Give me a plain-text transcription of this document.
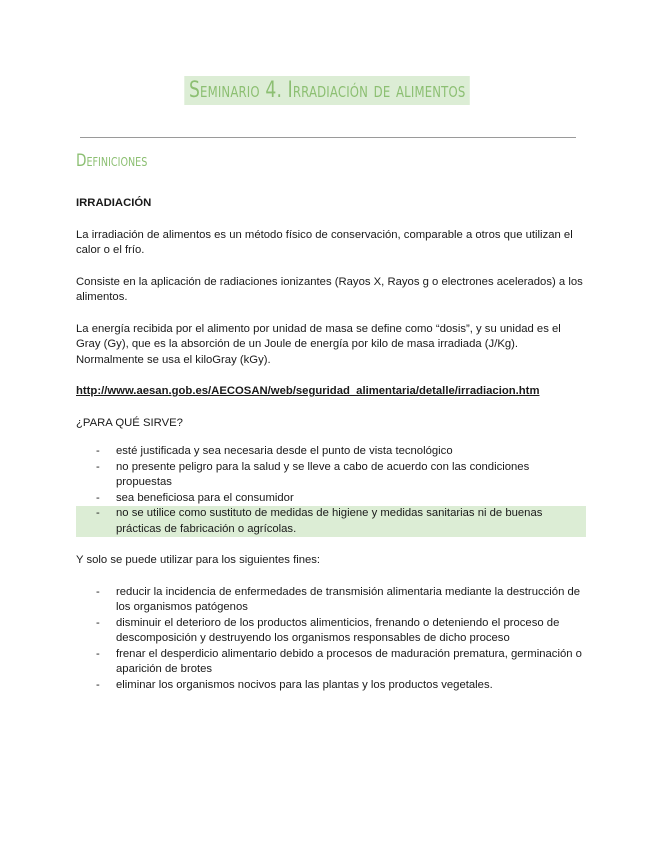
Seminario 4. Irradiación de alimentos
Definiciones

IRRADIACIÓN

La irradiación de alimentos es un método físico de conservación, comparable a otros que utilizan el calor o el frío.

Consiste en la aplicación de radiaciones ionizantes (Rayos X, Rayos g o electrones acelerados) a los alimentos.

La energía recibida por el alimento por unidad de masa se define como “dosis”, y su unidad es el Gray (Gy), que es la absorción de un Joule de energía por kilo de masa irradiada (J/Kg). Normalmente se usa el kiloGray (kGy).

http://www.aesan.gob.es/AECOSAN/web/seguridad_alimentaria/detalle/irradiacion.htm

¿PARA QUÉ SIRVE?

- esté justificada y sea necesaria desde el punto de vista tecnológico
- no presente peligro para la salud y se lleve a cabo de acuerdo con las condiciones propuestas
- sea beneficiosa para el consumidor
- no se utilice como sustituto de medidas de higiene y medidas sanitarias ni de buenas prácticas de fabricación o agrícolas.

Y solo se puede utilizar para los siguientes fines:

- reducir la incidencia de enfermedades de transmisión alimentaria mediante la destrucción de los organismos patógenos
- disminuir el deterioro de los productos alimenticios, frenando o deteniendo el proceso de descomposición y destruyendo los organismos responsables de dicho proceso
- frenar el desperdicio alimentario debido a procesos de maduración prematura, germinación o aparición de brotes
- eliminar los organismos nocivos para las plantas y los productos vegetales.
